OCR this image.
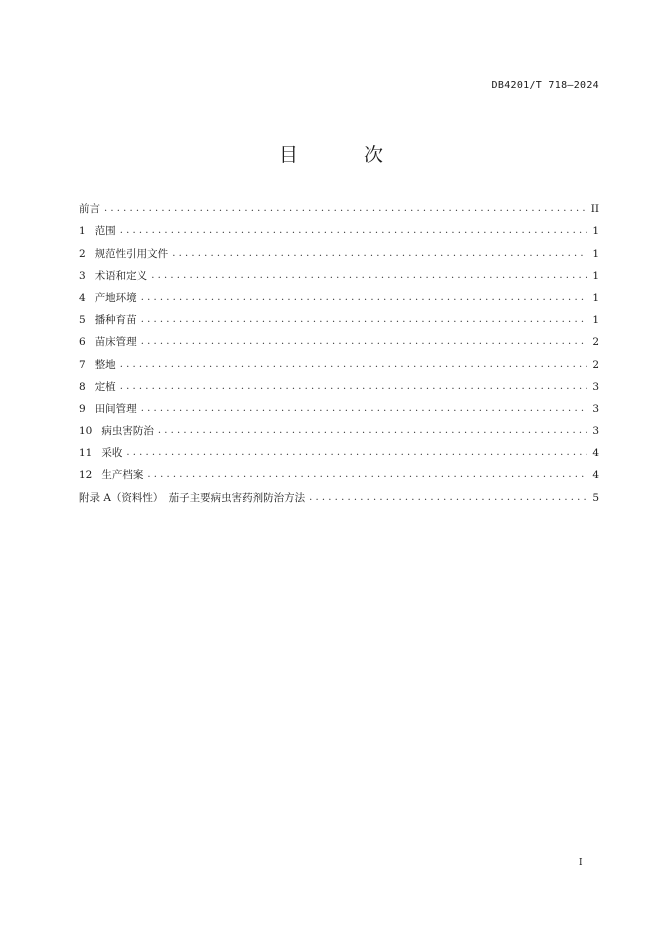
DB4201/T 718—2024
目 次
前言 .....	II
1 范围 .....	1
2 规范性引用文件 .....	1
3 术语和定义 .....	1
4 产地环境 .....	1
5 播种育苗 .....	1
6 苗床管理 .....	2
7 整地 .....	2
8 定植 .....	3
9 田间管理 .....	3
10 病虫害防治 .....	3
11 采收 .....	4
12 生产档案 .....	4
附录 A（资料性）　茄子主要病虫害药剂防治方法 .....	5
I
